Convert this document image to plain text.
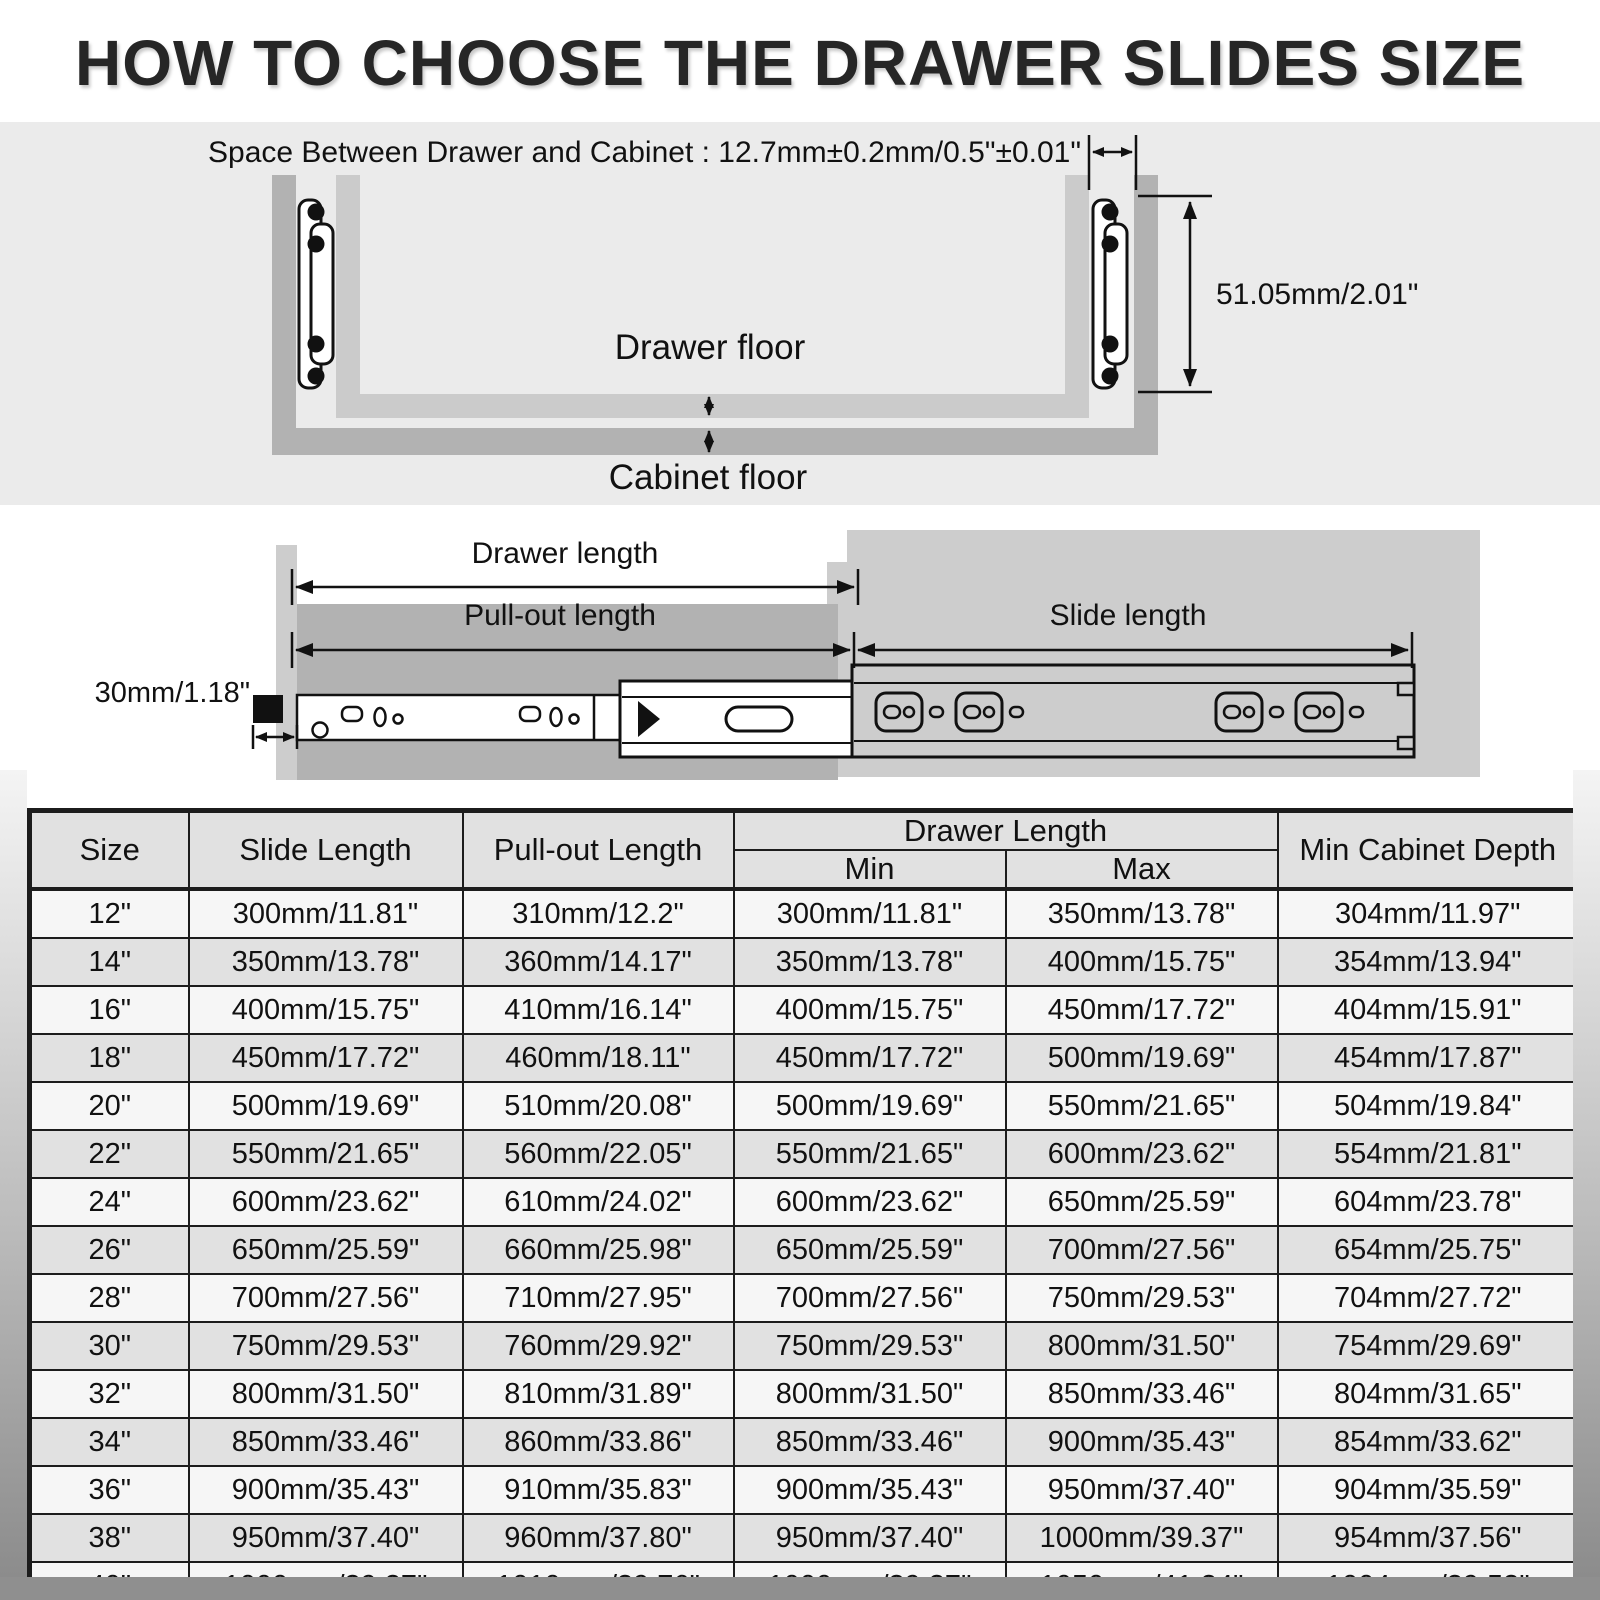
HOW TO CHOOSE THE DRAWER SLIDES SIZE
Space Between Drawer and Cabinet : 12.7mm±0.2mm/0.5"±0.01"
51.05mm/2.01"
Drawer floor
Cabinet floor
Drawer length
Pull-out length	Slide length
30mm/1.18"
Size	Slide Length	Pull-out Length	Drawer Length		Min Cabinet Depth
			Min	Max	
12"	300mm/11.81"	310mm/12.2"	300mm/11.81"	350mm/13.78"	304mm/11.97"
14"	350mm/13.78"	360mm/14.17"	350mm/13.78"	400mm/15.75"	354mm/13.94"
16"	400mm/15.75"	410mm/16.14"	400mm/15.75"	450mm/17.72"	404mm/15.91"
18"	450mm/17.72"	460mm/18.11"	450mm/17.72"	500mm/19.69"	454mm/17.87"
20"	500mm/19.69"	510mm/20.08"	500mm/19.69"	550mm/21.65"	504mm/19.84"
22"	550mm/21.65"	560mm/22.05"	550mm/21.65"	600mm/23.62"	554mm/21.81"
24"	600mm/23.62"	610mm/24.02"	600mm/23.62"	650mm/25.59"	604mm/23.78"
26"	650mm/25.59"	660mm/25.98"	650mm/25.59"	700mm/27.56"	654mm/25.75"
28"	700mm/27.56"	710mm/27.95"	700mm/27.56"	750mm/29.53"	704mm/27.72"
30"	750mm/29.53"	760mm/29.92"	750mm/29.53"	800mm/31.50"	754mm/29.69"
32"	800mm/31.50"	810mm/31.89"	800mm/31.50"	850mm/33.46"	804mm/31.65"
34"	850mm/33.46"	860mm/33.86"	850mm/33.46"	900mm/35.43"	854mm/33.62"
36"	900mm/35.43"	910mm/35.83"	900mm/35.43"	950mm/37.40"	904mm/35.59"
38"	950mm/37.40"	960mm/37.80"	950mm/37.40"	1000mm/39.37"	954mm/37.56"
